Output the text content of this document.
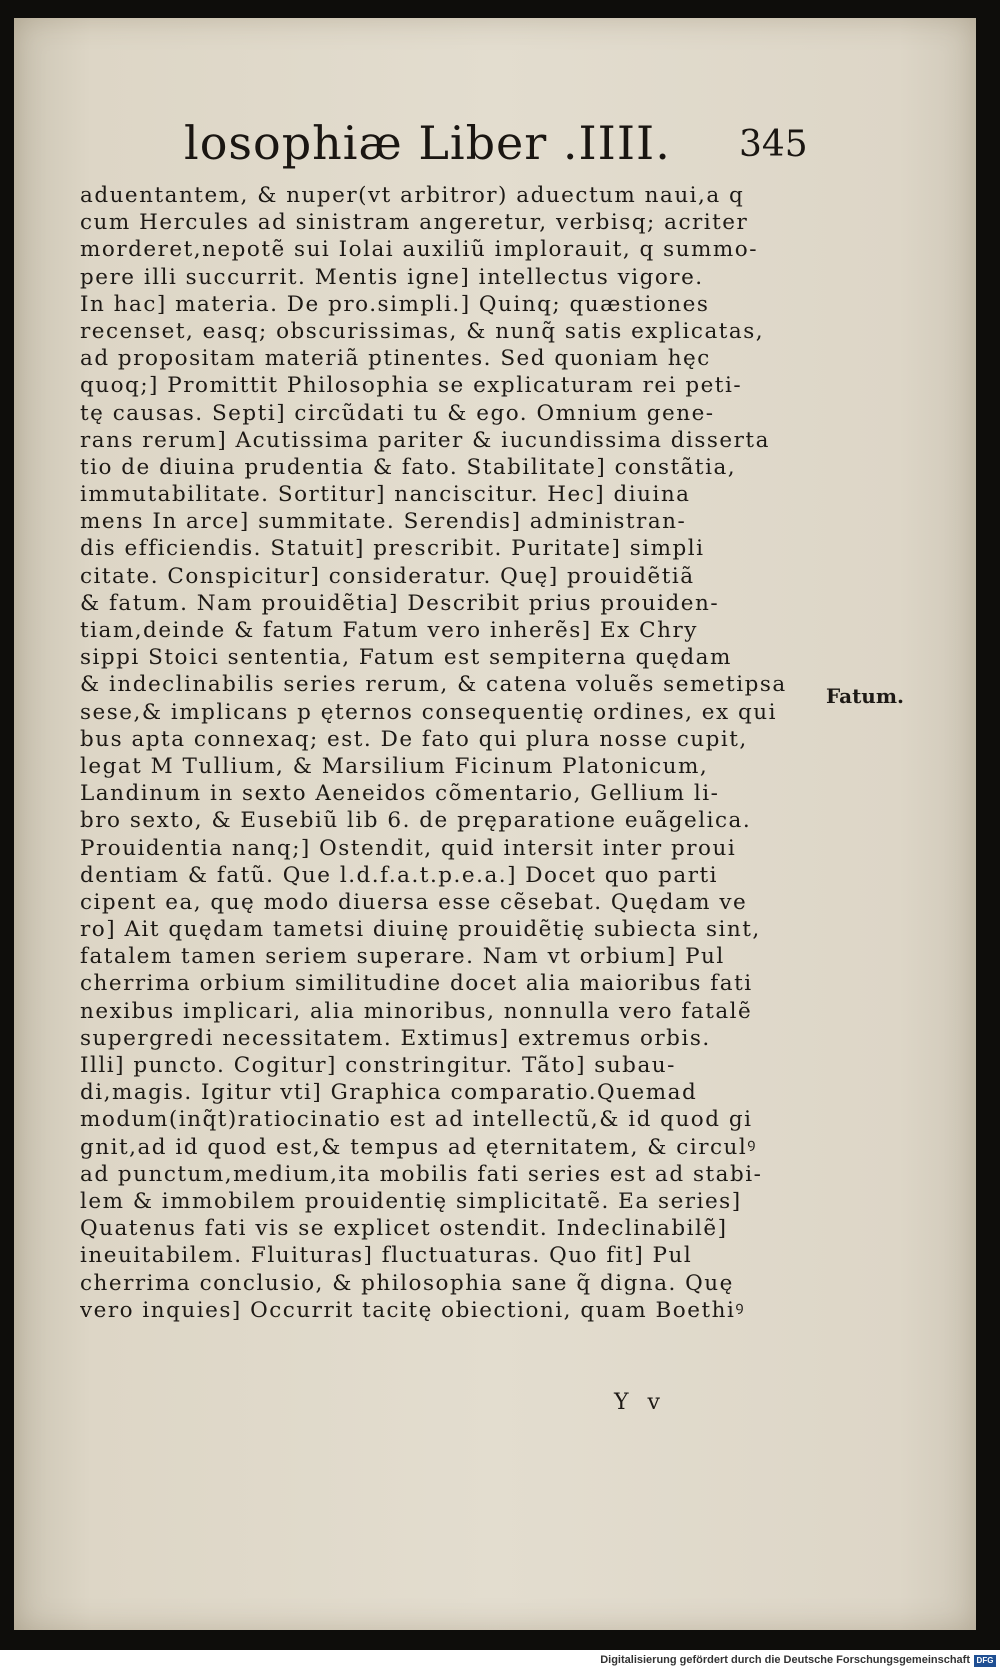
losophiæ Liber .IIII. 345
aduentantem, & nuper(vt arbitror) aduectum naui,a q
cum Hercules ad sinistram angeretur, verbisq; acriter
morderet,nepotẽ sui Iolai auxiliũ implorauit, q summo-
pere illi succurrit. Mentis igne] intellectus vigore.
In hac] materia. De pro.simpli.] Quinq; quæstiones
recenset, easq; obscurissimas, & nunq̃ satis explicatas,
ad propositam materiã ptinentes. Sed quoniam hęc
quoq;] Promittit Philosophia se explicaturam rei peti-
tę causas. Septi] circũdati tu & ego. Omnium gene-
rans rerum] Acutissima pariter & iucundissima disserta
tio de diuina prudentia & fato. Stabilitate] constãtia,
immutabilitate. Sortitur] nanciscitur. Hec] diuina
mens In arce] summitate. Serendis] administran-
dis efficiendis. Statuit] prescribit. Puritate] simpli
citate. Conspicitur] consideratur. Quę] prouidẽtiã
& fatum. Nam prouidẽtia] Describit prius prouiden-
tiam,deinde & fatum Fatum vero inherẽs] Ex Chry
sippi Stoici sententia, Fatum est sempiterna quędam
& indeclinabilis series rerum, & catena voluẽs semetipsa
sese,& implicans p ęternos consequentię ordines, ex qui
bus apta connexaq; est. De fato qui plura nosse cupit,
legat M Tullium, & Marsilium Ficinum Platonicum,
Landinum in sexto Aeneidos cõmentario, Gellium li-
bro sexto, & Eusebiũ lib 6. de pręparatione euãgelica.
Prouidentia nanq;] Ostendit, quid intersit inter proui
dentiam & fatũ. Que l.d.f.a.t.p.e.a.] Docet quo parti
cipent ea, quę modo diuersa esse cẽsebat. Quędam ve
ro] Ait quędam tametsi diuinę prouidẽtię subiecta sint,
fatalem tamen seriem superare. Nam vt orbium] Pul
cherrima orbium similitudine docet alia maioribus fati
nexibus implicari, alia minoribus, nonnulla vero fatalẽ
supergredi necessitatem. Extimus] extremus orbis.
Illi] puncto. Cogitur] constringitur. Tãto] subau-
di,magis. Igitur vti] Graphica comparatio.Quemad
modum(inq̃t)ratiocinatio est ad intellectũ,& id quod gi
gnit,ad id quod est,& tempus ad ęternitatem, & circulꝰ
ad punctum,medium,ita mobilis fati series est ad stabi-
lem & immobilem prouidentię simplicitatẽ. Ea series]
Quatenus fati vis se explicet ostendit. Indeclinabilẽ]
ineuitabilem. Fluituras] fluctuaturas. Quo fit] Pul
cherrima conclusio, & philosophia sane q̃ digna. Quę
vero inquies] Occurrit tacitę obiectioni, quam Boethiꝰ
Fatum.
Y v
Digitalisierung gefördert durch die Deutsche Forschungsgemeinschaft DFG
